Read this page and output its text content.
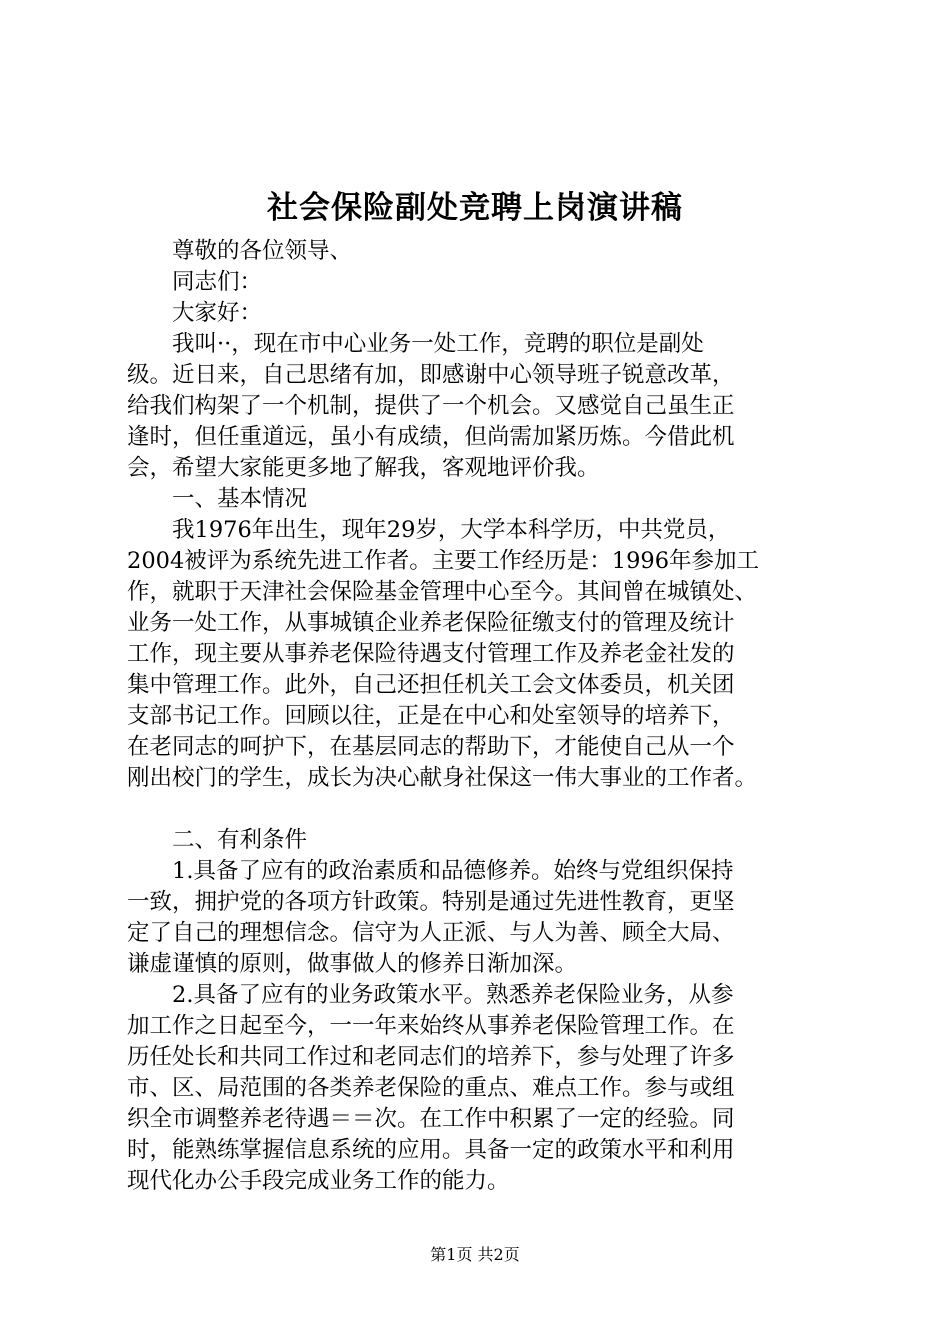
社会保险副处竞聘上岗演讲稿
　　尊敬的各位领导、
　　同志们：
　　大家好：
　　我叫··，现在市中心业务一处工作，竞聘的职位是副处
级。近日来，自己思绪有加，即感谢中心领导班子锐意改革，
给我们构架了一个机制，提供了一个机会。又感觉自己虽生正
逢时，但任重道远，虽小有成绩，但尚需加紧历炼。今借此机
会，希望大家能更多地了解我，客观地评价我。
　　一、基本情况
　　我1976年出生，现年29岁，大学本科学历，中共党员，
2004被评为系统先进工作者。主要工作经历是：1996年参加工
作，就职于天津社会保险基金管理中心至今。其间曾在城镇处、
业务一处工作，从事城镇企业养老保险征缴支付的管理及统计
工作，现主要从事养老保险待遇支付管理工作及养老金社发的
集中管理工作。此外，自己还担任机关工会文体委员，机关团
支部书记工作。回顾以往，正是在中心和处室领导的培养下，
在老同志的呵护下，在基层同志的帮助下，才能使自己从一个
刚出校门的学生，成长为决心献身社保这一伟大事业的工作者。
　　二、有利条件
　　1.具备了应有的政治素质和品德修养。始终与党组织保持
一致，拥护党的各项方针政策。特别是通过先进性教育，更坚
定了自己的理想信念。信守为人正派、与人为善、顾全大局、
谦虚谨慎的原则，做事做人的修养日渐加深。
　　2.具备了应有的业务政策水平。熟悉养老保险业务，从参
加工作之日起至今，一一年来始终从事养老保险管理工作。在
历任处长和共同工作过和老同志们的培养下，参与处理了许多
市、区、局范围的各类养老保险的重点、难点工作。参与或组
织全市调整养老待遇＝＝次。在工作中积累了一定的经验。同
时，能熟练掌握信息系统的应用。具备一定的政策水平和利用
现代化办公手段完成业务工作的能力。
第1页 共2页
